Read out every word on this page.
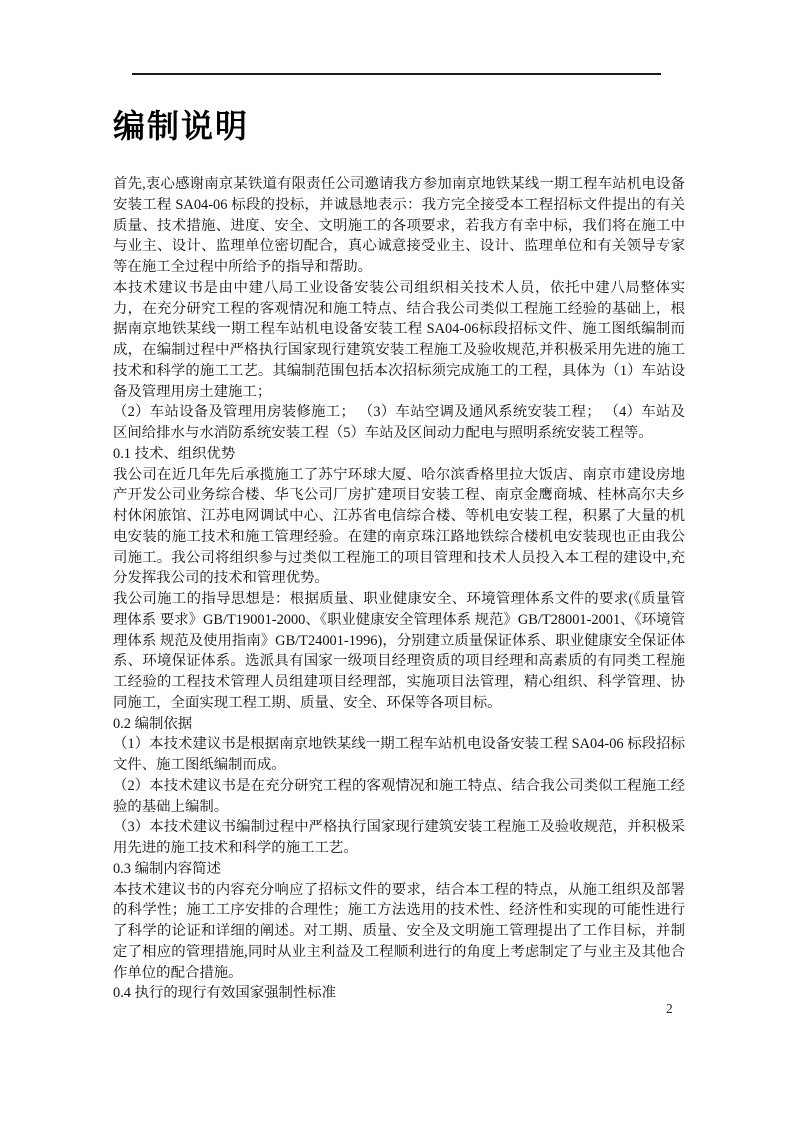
编制说明

首先,衷心感谢南京某铁道有限责任公司邀请我方参加南京地铁某线一期工程车站机电设备安装工程 SA04-06 标段的投标，并诚恳地表示：我方完全接受本工程招标文件提出的有关质量、技术措施、进度、安全、文明施工的各项要求，若我方有幸中标，我们将在施工中与业主、设计、监理单位密切配合，真心诚意接受业主、设计、监理单位和有关领导专家等在施工全过程中所给予的指导和帮助。

本技术建议书是由中建八局工业设备安装公司组织相关技术人员，依托中建八局整体实力，在充分研究工程的客观情况和施工特点、结合我公司类似工程施工经验的基础上，根据南京地铁某线一期工程车站机电设备安装工程 SA04-06标段招标文件、施工图纸编制而成，在编制过程中严格执行国家现行建筑安装工程施工及验收规范,并积极采用先进的施工技术和科学的施工工艺。其编制范围包括本次招标须完成施工的工程，具体为（1）车站设备及管理用房土建施工；

（2）车站设备及管理用房装修施工； （3）车站空调及通风系统安装工程； （4）车站及区间给排水与水消防系统安装工程（5）车站及区间动力配电与照明系统安装工程等。

0.1 技术、组织优势

我公司在近几年先后承揽施工了苏宁环球大厦、哈尔滨香格里拉大饭店、南京市建设房地产开发公司业务综合楼、华飞公司厂房扩建项目安装工程、南京金鹰商城、桂林高尔夫乡村休闲旅馆、江苏电网调试中心、江苏省电信综合楼、等机电安装工程，积累了大量的机电安装的施工技术和施工管理经验。在建的南京珠江路地铁综合楼机电安装现也正由我公司施工。我公司将组织参与过类似工程施工的项目管理和技术人员投入本工程的建设中,充分发挥我公司的技术和管理优势。

我公司施工的指导思想是：根据质量、职业健康安全、环境管理体系文件的要求(《质量管理体系 要求》GB/T19001-2000、《职业健康安全管理体系 规范》GB/T28001-2001、《环境管理体系 规范及使用指南》GB/T24001-1996)，分别建立质量保证体系、职业健康安全保证体系、环境保证体系。选派具有国家一级项目经理资质的项目经理和高素质的有同类工程施工经验的工程技术管理人员组建项目经理部，实施项目法管理，精心组织、科学管理、协同施工，全面实现工程工期、质量、安全、环保等各项目标。

0.2 编制依据

（1）本技术建议书是根据南京地铁某线一期工程车站机电设备安装工程 SA04-06 标段招标文件、施工图纸编制而成。

（2）本技术建议书是在充分研究工程的客观情况和施工特点、结合我公司类似工程施工经验的基础上编制。

（3）本技术建议书编制过程中严格执行国家现行建筑安装工程施工及验收规范，并积极采用先进的施工技术和科学的施工工艺。

0.3 编制内容简述

本技术建议书的内容充分响应了招标文件的要求，结合本工程的特点，从施工组织及部署的科学性；施工工序安排的合理性；施工方法选用的技术性、经济性和实现的可能性进行了科学的论证和详细的阐述。对工期、质量、安全及文明施工管理提出了工作目标，并制定了相应的管理措施,同时从业主利益及工程顺利进行的角度上考虑制定了与业主及其他合作单位的配合措施。

0.4 执行的现行有效国家强制性标准

2
